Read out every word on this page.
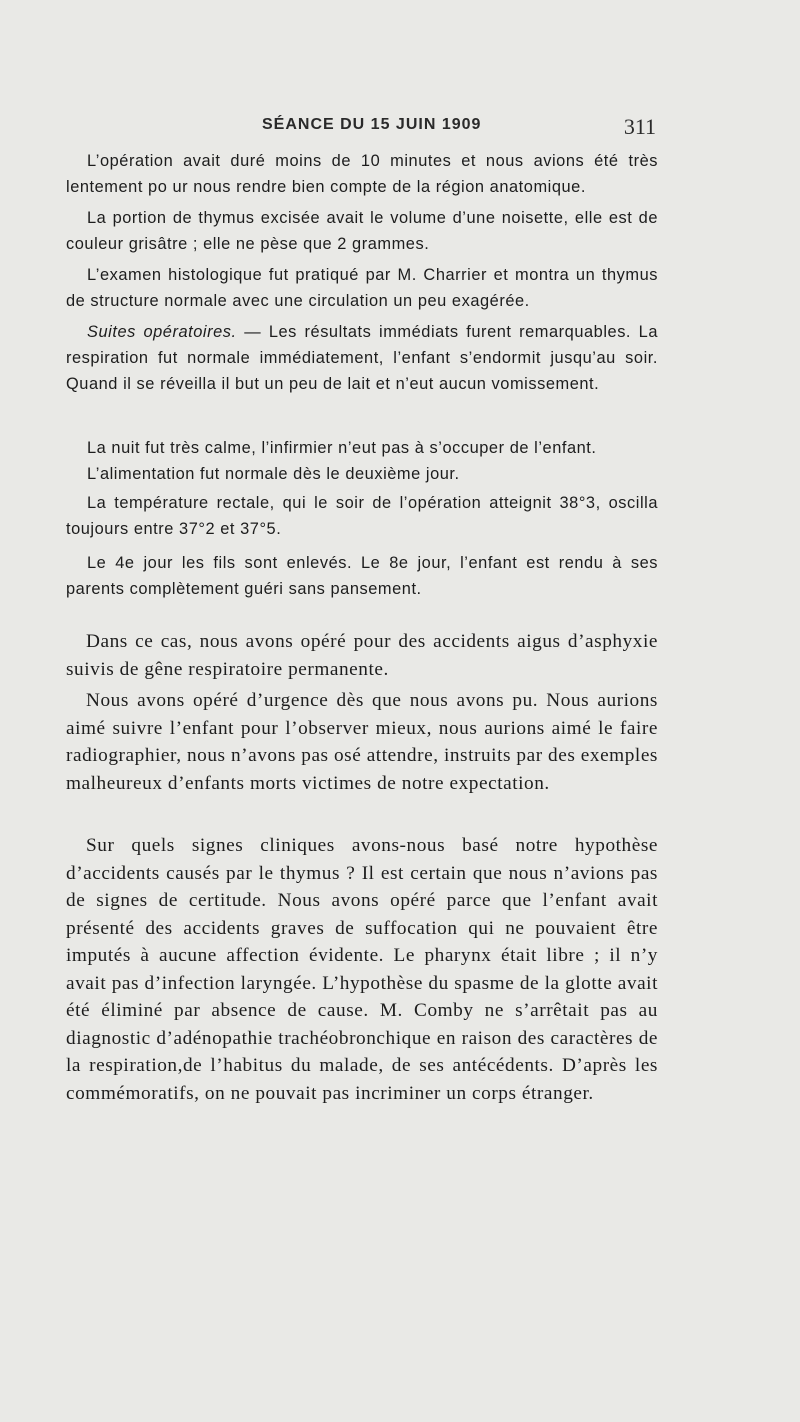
SÉANCE DU 15 JUIN 1909	311

L’opération avait duré moins de 10 minutes et nous avions été très lentement po ur nous rendre bien compte de la région anatomique.

La portion de thymus excisée avait le volume d’une noisette, elle est de couleur grisâtre ; elle ne pèse que 2 grammes.

L’examen histologique fut pratiqué par M. Charrier et montra un thymus de structure normale avec une circulation un peu exagérée.

Suites opératoires. — Les résultats immédiats furent remarquables. La respiration fut normale immédiatement, l’enfant s’endormit jusqu’au soir. Quand il se réveilla il but un peu de lait et n’eut aucun vomissement.

La nuit fut très calme, l’infirmier n’eut pas à s’occuper de l’enfant.

L’alimentation fut normale dès le deuxième jour.

La température rectale, qui le soir de l’opération atteignit 38°3, oscilla toujours entre 37°2 et 37°5.

Le 4e jour les fils sont enlevés. Le 8e jour, l’enfant est rendu à ses parents complètement guéri sans pansement.

Dans ce cas, nous avons opéré pour des accidents aigus d’asphyxie suivis de gêne respiratoire permanente.

Nous avons opéré d’urgence dès que nous avons pu. Nous aurions aimé suivre l’enfant pour l’observer mieux, nous aurions aimé le faire radiographier, nous n’avons pas osé attendre, instruits par des exemples malheureux d’enfants morts victimes de notre expectation.

Sur quels signes cliniques avons-nous basé notre hypothèse d’accidents causés par le thymus ? Il est certain que nous n’avions pas de signes de certitude. Nous avons opéré parce que l’enfant avait présenté des accidents graves de suffocation qui ne pouvaient être imputés à aucune affection évidente. Le pharynx était libre ; il n’y avait pas d’infection laryngée. L’hypothèse du spasme de la glotte avait été éliminé par absence de cause. M. Comby ne s’arrêtait pas au diagnostic d’adénopathie trachéobronchique en raison des caractères de la respiration,de l’habitus du malade, de ses antécédents. D’après les commémoratifs, on ne pouvait pas incriminer un corps étranger.
